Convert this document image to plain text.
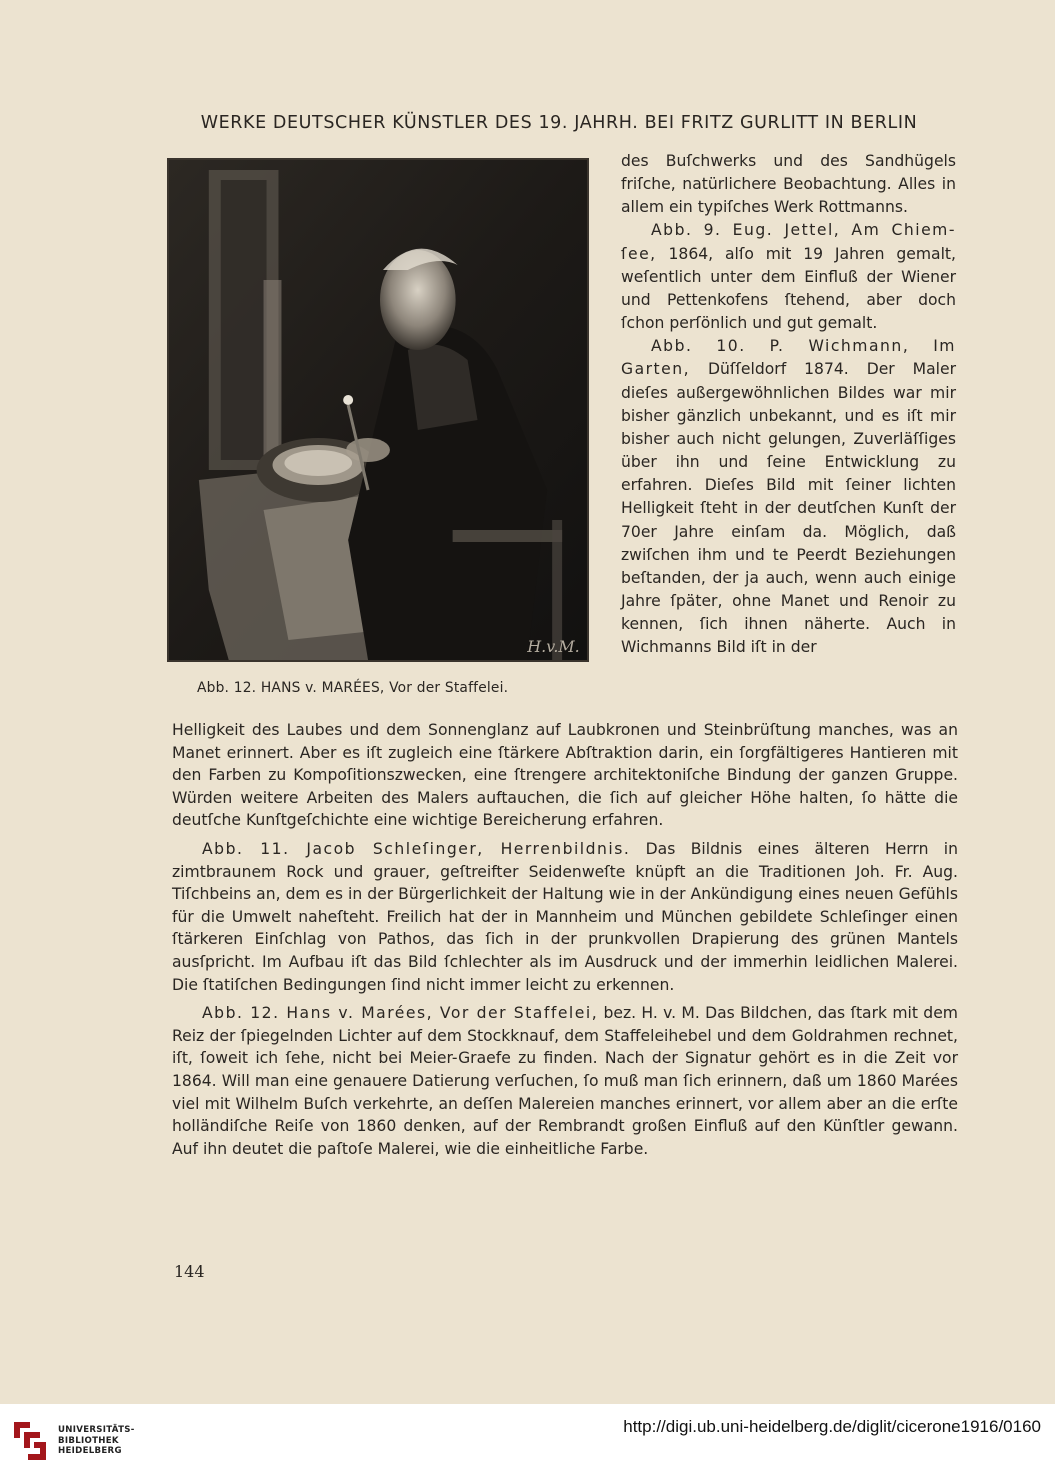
WERKE DEUTSCHER KÜNSTLER DES 19. JAHRH. BEI FRITZ GURLITT IN BERLIN
H.v.M.
Abb. 12. HANS v. MARÉES, Vor der Staffelei.

des Buſchwerks und des Sandhügels friſche, natürlichere Beobachtung. Alles in allem ein typiſches Werk Rottmanns.

Abb. 9. Eug. Jettel, Am Chiem-ſee, 1864, alſo mit 19 Jahren gemalt, weſentlich unter dem Einfluß der Wiener und Pettenkofens ſtehend, aber doch ſchon perſönlich und gut gemalt.

Abb. 10. P. Wichmann, Im Garten, Düſſeldorf 1874. Der Maler dieſes außergewöhnlichen Bildes war mir bisher gänzlich unbekannt, und es iſt mir bisher auch nicht gelungen, Zuverläſſiges über ihn und ſeine Entwicklung zu erfahren. Dieſes Bild mit ſeiner lichten Helligkeit ſteht in der deutſchen Kunſt der 70er Jahre einſam da. Möglich, daß zwiſchen ihm und te Peerdt Beziehungen beſtanden, der ja auch, wenn auch einige Jahre ſpäter, ohne Manet und Renoir zu kennen, ſich ihnen näherte. Auch in Wichmanns Bild iſt in der

Helligkeit des Laubes und dem Sonnenglanz auf Laubkronen und Steinbrüſtung manches, was an Manet erinnert. Aber es iſt zugleich eine ſtärkere Abſtraktion darin, ein ſorgfältigeres Hantieren mit den Farben zu Kompoſitionszwecken, eine ſtrengere architektoniſche Bindung der ganzen Gruppe. Würden weitere Arbeiten des Malers auftauchen, die ſich auf gleicher Höhe halten, ſo hätte die deutſche Kunſtgeſchichte eine wichtige Bereicherung erfahren.

Abb. 11. Jacob Schleſinger, Herrenbildnis. Das Bildnis eines älteren Herrn in zimtbraunem Rock und grauer, geſtreifter Seidenweſte knüpft an die Traditionen Joh. Fr. Aug. Tiſchbeins an, dem es in der Bürgerlichkeit der Haltung wie in der Ankündigung eines neuen Gefühls für die Umwelt naheſteht. Freilich hat der in Mannheim und München gebildete Schleſinger einen ſtärkeren Einſchlag von Pathos, das ſich in der prunkvollen Drapierung des grünen Mantels ausſpricht. Im Aufbau iſt das Bild ſchlechter als im Ausdruck und der immerhin leidlichen Malerei. Die ſtatiſchen Bedingungen ſind nicht immer leicht zu erkennen.

Abb. 12. Hans v. Marées, Vor der Staffelei, bez. H. v. M. Das Bildchen, das ſtark mit dem Reiz der ſpiegelnden Lichter auf dem Stockknauf, dem Staffeleihebel und dem Goldrahmen rechnet, iſt, ſoweit ich ſehe, nicht bei Meier-Graefe zu finden. Nach der Signatur gehört es in die Zeit vor 1864. Will man eine genauere Datierung verſuchen, ſo muß man ſich erinnern, daß um 1860 Marées viel mit Wilhelm Buſch verkehrte, an deſſen Malereien manches erinnert, vor allem aber an die erſte holländiſche Reiſe von 1860 denken, auf der Rembrandt großen Einfluß auf den Künſtler gewann. Auf ihn deutet die paſtoſe Malerei, wie die einheitliche Farbe.

144
UNIVERSITÄTS-
BIBLIOTHEK
HEIDELBERG
http://digi.ub.uni-heidelberg.de/diglit/cicerone1916/0160
